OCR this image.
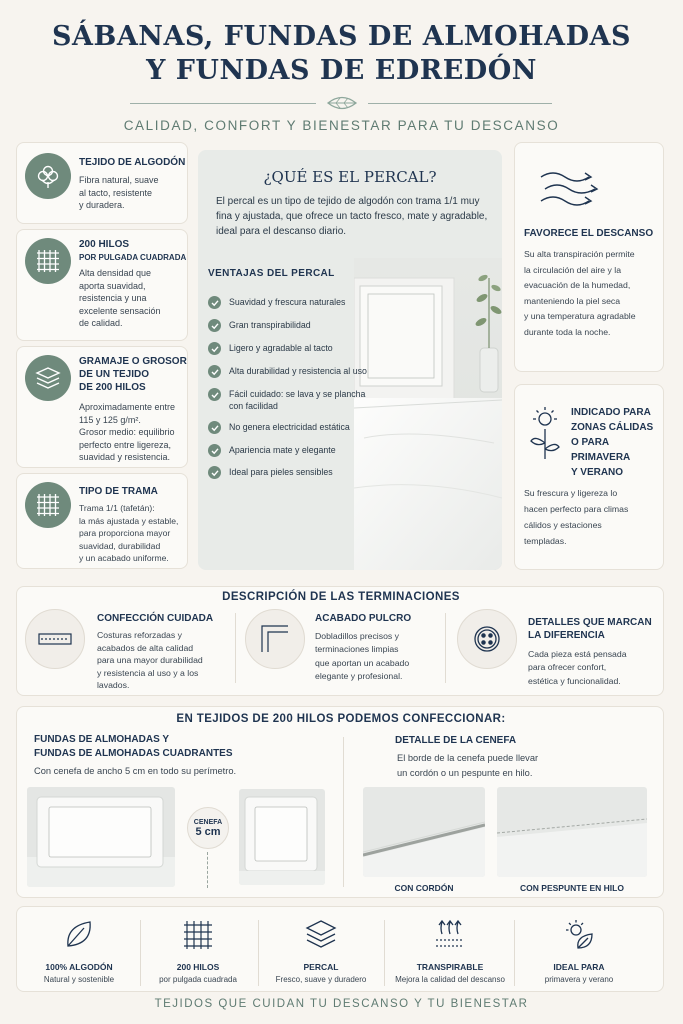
SÁBANAS, FUNDAS DE ALMOHADAS
Y FUNDAS DE EDREDÓN
CALIDAD, CONFORT Y BIENESTAR PARA TU DESCANSO
TEJIDO DE ALGODÓN
Fibra natural, suave
al tacto, resistente
y duradera.
200 HILOS
POR PULGADA CUADRADA
Alta densidad que
aporta suavidad,
resistencia y una
excelente sensación
de calidad.
GRAMAJE O GROSOR
DE UN TEJIDO
DE 200 HILOS
Aproximadamente entre
115 y 125 g/m².
Grosor medio: equilibrio
perfecto entre ligereza,
suavidad y resistencia.
TIPO DE TRAMA
Trama 1/1 (tafetán):
la más ajustada y estable,
para proporciona mayor
suavidad, durabilidad
y un acabado uniforme.
¿QUÉ ES EL PERCAL?
El percal es un tipo de tejido de algodón con trama 1/1 muy fina y ajustada, que ofrece un tacto fresco, mate y agradable, ideal para el descanso diario.
VENTAJAS DEL PERCAL
Suavidad y frescura naturales
Gran transpirabilidad
Ligero y agradable al tacto
Alta durabilidad y resistencia al uso
Fácil cuidado: se lava y se plancha
con facilidad
No genera electricidad estática
Apariencia mate y elegante
Ideal para pieles sensibles
FAVORECE EL DESCANSO
Su alta transpiración permite
la circulación del aire y la
evacuación de la humedad,
manteniendo la piel seca
y una temperatura agradable
durante toda la noche.
INDICADO PARA
ZONAS CÁLIDAS
O PARA PRIMAVERA
Y VERANO
Su frescura y ligereza lo
hacen perfecto para climas
cálidos y estaciones
templadas.
DESCRIPCIÓN DE LAS TERMINACIONES
CONFECCIÓN CUIDADA
Costuras reforzadas y
acabados de alta calidad
para una mayor durabilidad
y resistencia al uso y a los
lavados.
ACABADO PULCRO
Dobladillos precisos y
terminaciones limpias
que aportan un acabado
elegante y profesional.
DETALLES QUE MARCAN
LA DIFERENCIA
Cada pieza está pensada
para ofrecer confort,
estética y funcionalidad.
EN TEJIDOS DE 200 HILOS PODEMOS CONFECCIONAR:
FUNDAS DE ALMOHADAS Y
FUNDAS DE ALMOHADAS CUADRANTES
Con cenefa de ancho 5 cm en todo su perímetro.
CENEFA
5 cm
DETALLE DE LA CENEFA
El borde de la cenefa puede llevar
un cordón o un pespunte en hilo.
CON CORDÓN	CON PESPUNTE EN HILO
100% ALGODÓN
Natural y sostenible
200 HILOS
por pulgada cuadrada
PERCAL
Fresco, suave y duradero
TRANSPIRABLE
Mejora la calidad del descanso
IDEAL PARA
primavera y verano
TEJIDOS QUE CUIDAN TU DESCANSO Y TU BIENESTAR
